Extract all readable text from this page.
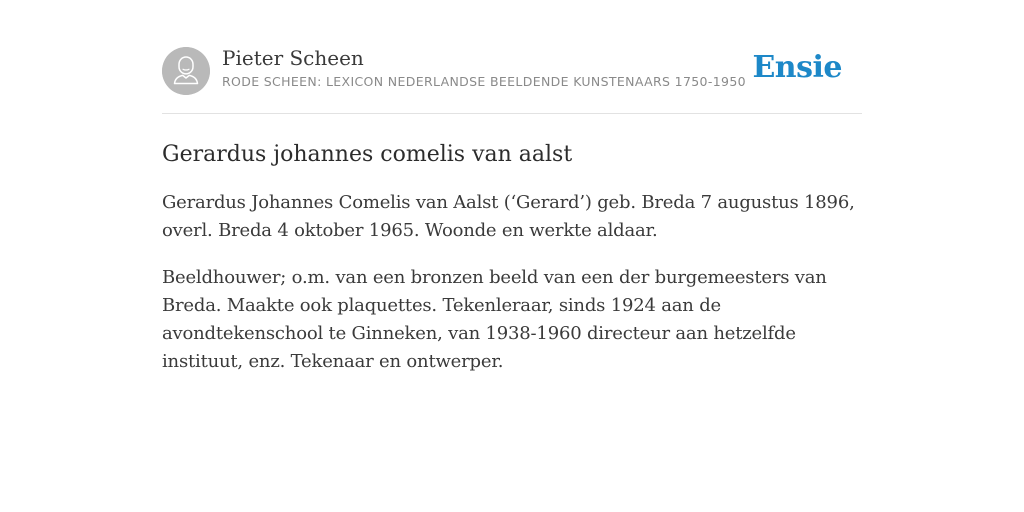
Pieter Scheen
RODE SCHEEN: LEXICON NEDERLANDSE BEELDENDE KUNSTENAARS 1750-1950 Ensie
Gerardus johannes comelis van aalst

Gerardus Johannes Comelis van Aalst (‘Gerard’) geb. Breda 7 augustus 1896, overl. Breda 4 oktober 1965. Woonde en werkte aldaar.

Beeldhouwer; o.m. van een bronzen beeld van een der burgemeesters van Breda. Maakte ook plaquettes. Tekenleraar, sinds 1924 aan de avondtekenschool te Ginneken, van 1938-1960 directeur aan hetzelfde instituut, enz. Tekenaar en ontwerper.
